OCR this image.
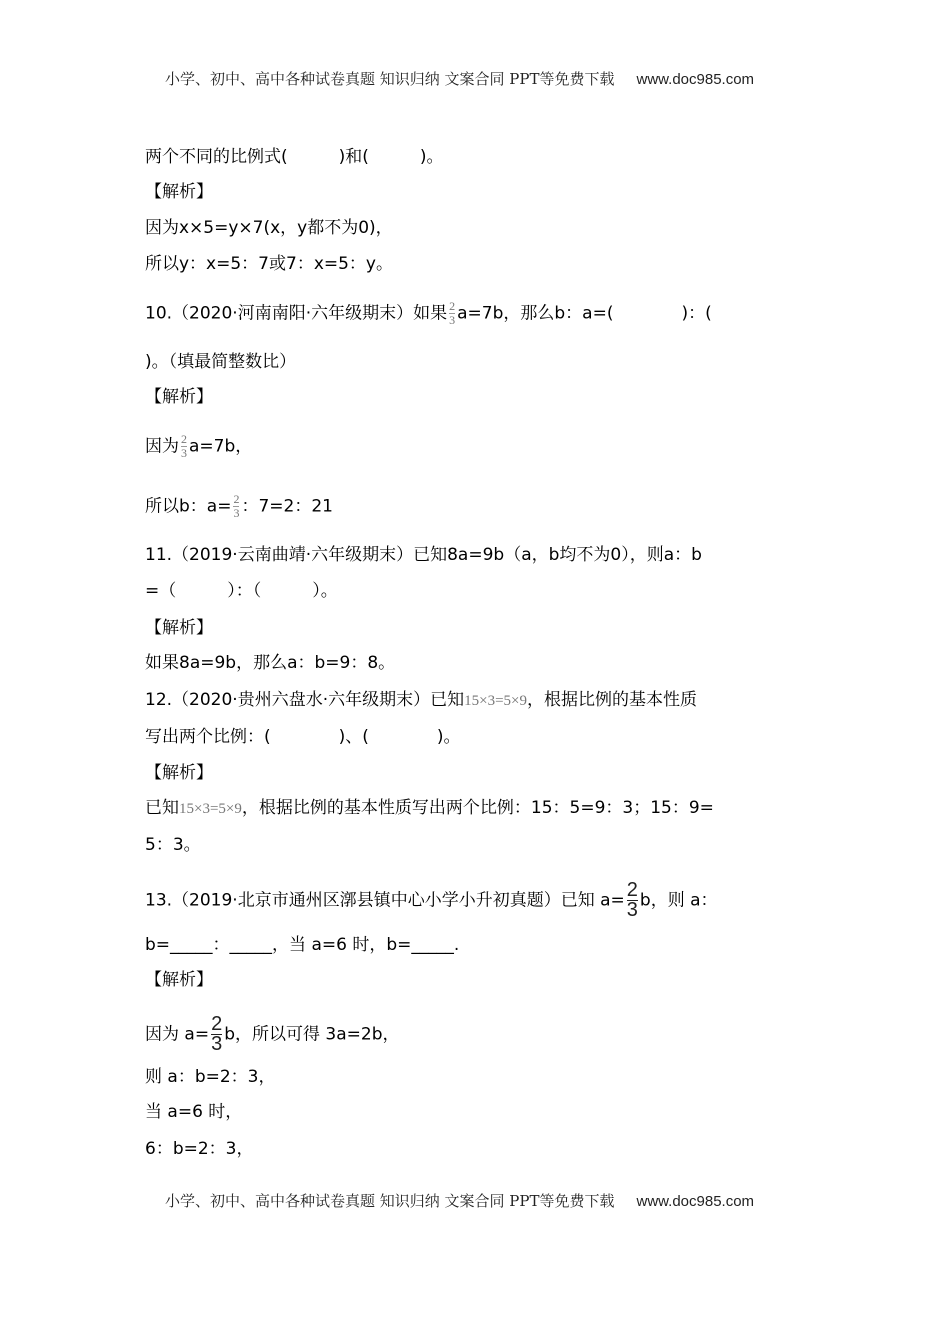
小学、初中、高中各种试卷真题 知识归纳 文案合同 PPT等免费下载 www.doc985.com
两个不同的比例式(　　　)和(　　　)。
【解析】
因为x×5=y×7(x，y都不为0)，
所以y：x=5：7或7：x=5：y。
10.（2020·河南南阳·六年级期末）如果 $\frac{2}{3} a=7b$，那么b：a=(　　　　)：(
)。（填最简整数比）
【解析】
因为 $\frac{2}{3} a=7b$，
所以b：$a= \frac{2}{3}$ ：7=2：21
11.（2019·云南曲靖·六年级期末）已知8a=9b（a，b均不为0），则a：b
=（　　　）：（　　　）。
【解析】
如果8a=9b，那么a：b=9：8。
12.（2020·贵州六盘水·六年级期末）已知15×3=5×9，根据比例的基本性质
写出两个比例：(　　　　)、(　　　　)。
【解析】
已知15×3=5×9，根据比例的基本性质写出两个比例：15：5=9：3；15：9=
5：3。
13.（2019·北京市通州区漷县镇中心小学小升初真题）已知 $a= \frac{2}{3}$ b，则 a：
b=_____：_____，当 a=6 时，b=_____.
【解析】
因为 $a= \frac{2}{3}$ b，所以可得 3a=2b，
则 a：b=2：3，
当 a=6 时，
6：b=2：3，
小学、初中、高中各种试卷真题 知识归纳 文案合同 PPT等免费下载 www.doc985.com
